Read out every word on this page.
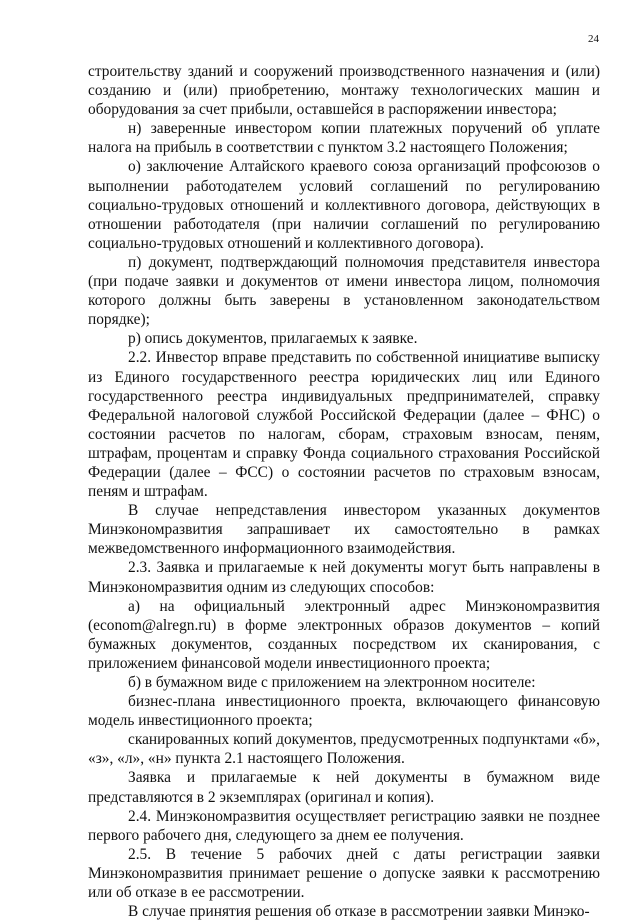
24

строительству зданий и сооружений производственного назначения и (или) созданию и (или) приобретению, монтажу технологических машин и оборудования за счет прибыли, оставшейся в распоряжении инвестора;

н) заверенные инвестором копии платежных поручений об уплате налога на прибыль в соответствии с пунктом 3.2 настоящего Положения;

о) заключение Алтайского краевого союза организаций профсоюзов о выполнении работодателем условий соглашений по регулированию социально-трудовых отношений и коллективного договора, действующих в отношении работодателя (при наличии соглашений по регулированию социально-трудовых отношений и коллективного договора).

п) документ, подтверждающий полномочия представителя инвестора (при подаче заявки и документов от имени инвестора лицом, полномочия которого должны быть заверены в установленном законодательством порядке);

р) опись документов, прилагаемых к заявке.

2.2. Инвестор вправе представить по собственной инициативе выписку из Единого государственного реестра юридических лиц или Единого государственного реестра индивидуальных предпринимателей, справку Федеральной налоговой службой Российской Федерации (далее – ФНС) о состоянии расчетов по налогам, сборам, страховым взносам, пеням, штрафам, процентам и справку Фонда социального страхования Российской Федерации (далее – ФСС) о состоянии расчетов по страховым взносам, пеням и штрафам.

В случае непредставления инвестором указанных документов Минэкономразвития запрашивает их самостоятельно в рамках межведомственного информационного взаимодействия.

2.3. Заявка и прилагаемые к ней документы могут быть направлены в Минэкономразвития одним из следующих способов:

а) на официальный электронный адрес Минэкономразвития (econom@alregn.ru) в форме электронных образов документов – копий бумажных документов, созданных посредством их сканирования, с приложением финансовой модели инвестиционного проекта;

б) в бумажном виде с приложением на электронном носителе:

бизнес-плана инвестиционного проекта, включающего финансовую модель инвестиционного проекта;

сканированных копий документов, предусмотренных подпунктами «б», «з», «л», «н» пункта 2.1 настоящего Положения.

Заявка и прилагаемые к ней документы в бумажном виде представляются в 2 экземплярах (оригинал и копия).

2.4. Минэкономразвития осуществляет регистрацию заявки не позднее первого рабочего дня, следующего за днем ее получения.

2.5. В течение 5 рабочих дней с даты регистрации заявки Минэкономразвития принимает решение о допуске заявки к рассмотрению или об отказе в ее рассмотрении.

В случае принятия решения об отказе в рассмотрении заявки Минэко-
